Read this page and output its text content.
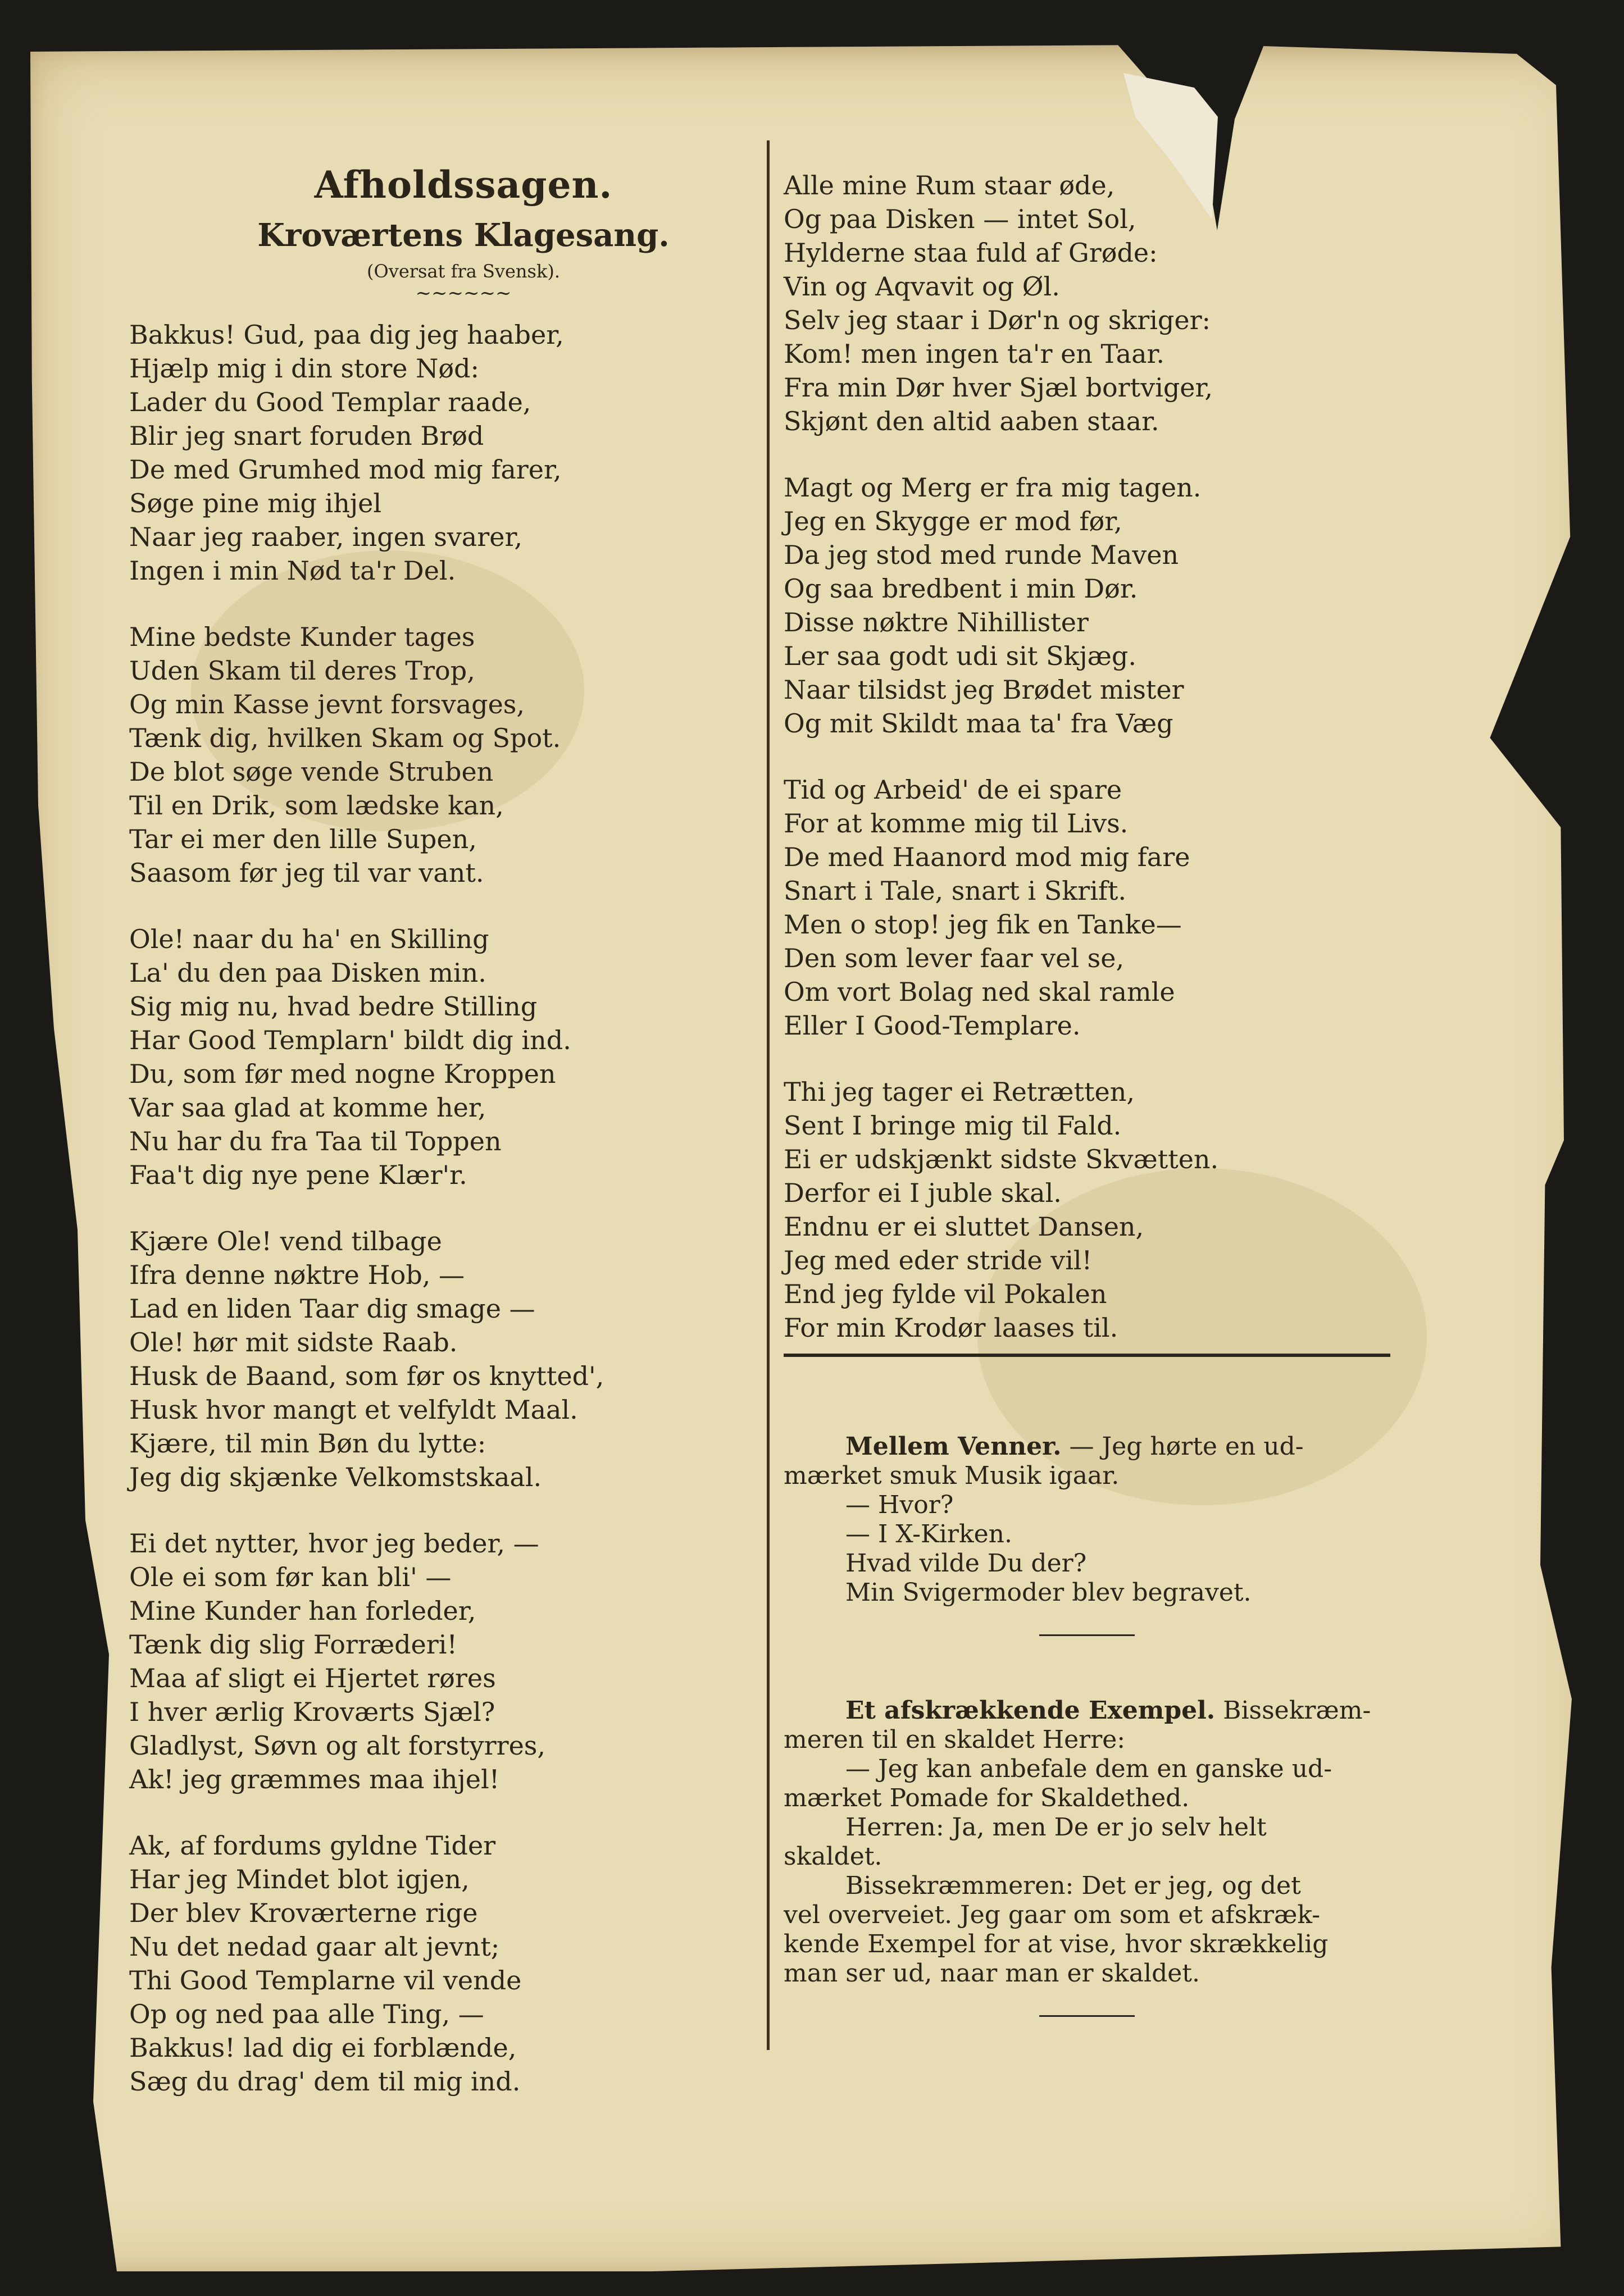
Afholdssagen.
Kroværtens Klagesang.
(Oversat fra Svensk).
~~~~~~
Bakkus! Gud, paa dig jeg haaber,
Hjælp mig i din store Nød:
Lader du Good Templar raade,
Blir jeg snart foruden Brød
De med Grumhed mod mig farer,
Søge pine mig ihjel
Naar jeg raaber, ingen svarer,
Ingen i min Nød ta'r Del.
Mine bedste Kunder tages
Uden Skam til deres Trop,
Og min Kasse jevnt forsvages,
Tænk dig, hvilken Skam og Spot.
De blot søge vende Struben
Til en Drik, som lædske kan,
Tar ei mer den lille Supen,
Saasom før jeg til var vant.
Ole! naar du ha' en Skilling
La' du den paa Disken min.
Sig mig nu, hvad bedre Stilling
Har Good Templarn' bildt dig ind.
Du, som før med nogne Kroppen
Var saa glad at komme her,
Nu har du fra Taa til Toppen
Faa't dig nye pene Klær'r.
Kjære Ole! vend tilbage
Ifra denne nøktre Hob, —
Lad en liden Taar dig smage —
Ole! hør mit sidste Raab.
Husk de Baand, som før os knytted',
Husk hvor mangt et velfyldt Maal.
Kjære, til min Bøn du lytte:
Jeg dig skjænke Velkomstskaal.
Ei det nytter, hvor jeg beder, —
Ole ei som før kan bli' —
Mine Kunder han forleder,
Tænk dig slig Forræderi!
Maa af sligt ei Hjertet røres
I hver ærlig Kroværts Sjæl?
Gladlyst, Søvn og alt forstyrres,
Ak! jeg græmmes maa ihjel!
Ak, af fordums gyldne Tider
Har jeg Mindet blot igjen,
Der blev Kroværterne rige
Nu det nedad gaar alt jevnt;
Thi Good Templarne vil vende
Op og ned paa alle Ting, —
Bakkus! lad dig ei forblænde,
Sæg du drag' dem til mig ind.
Alle mine Rum staar øde,
Og paa Disken — intet Sol,
Hylderne staa fuld af Grøde:
Vin og Aqvavit og Øl.
Selv jeg staar i Dør'n og skriger:
Kom! men ingen ta'r en Taar.
Fra min Dør hver Sjæl bortviger,
Skjønt den altid aaben staar.
Magt og Merg er fra mig tagen.
Jeg en Skygge er mod før,
Da jeg stod med runde Maven
Og saa bredbent i min Dør.
Disse nøktre Nihillister
Ler saa godt udi sit Skjæg.
Naar tilsidst jeg Brødet mister
Og mit Skildt maa ta' fra Væg
Tid og Arbeid' de ei spare
For at komme mig til Livs.
De med Haanord mod mig fare
Snart i Tale, snart i Skrift.
Men o stop! jeg fik en Tanke—
Den som lever faar vel se,
Om vort Bolag ned skal ramle
Eller I Good-Templare.
Thi jeg tager ei Retrætten,
Sent I bringe mig til Fald.
Ei er udskjænkt sidste Skvætten.
Derfor ei I juble skal.
Endnu er ei sluttet Dansen,
Jeg med eder stride vil!
End jeg fylde vil Pokalen
For min Krodør laases til.
Mellem Venner. — Jeg hørte en ud-
mærket smuk Musik igaar.
— Hvor?
— I X-Kirken.
Hvad vilde Du der?
Min Svigermoder blev begravet.
Et afskrækkende Exempel. Bissekræm-
meren til en skaldet Herre:
— Jeg kan anbefale dem en ganske ud-
mærket Pomade for Skaldethed.
Herren: Ja, men De er jo selv helt
skaldet.
Bissekræmmeren: Det er jeg, og det
vel overveiet. Jeg gaar om som et afskræk-
kende Exempel for at vise, hvor skrækkelig
man ser ud, naar man er skaldet.
